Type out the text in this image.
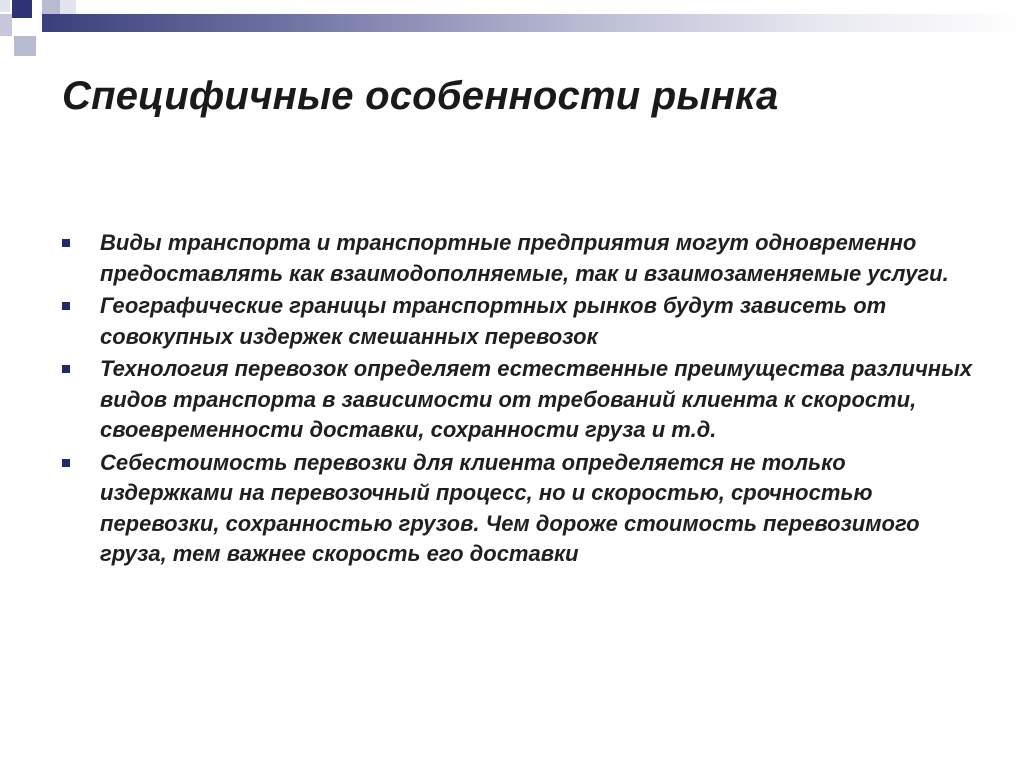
Специфичные особенности рынка
Виды транспорта и транспортные предприятия могут одновременно предоставлять как взаимодополняемые, так и взаимозаменяемые услуги.
Географические границы транспортных рынков будут зависеть от совокупных издержек смешанных перевозок
Технология перевозок определяет естественные преимущества различных видов транспорта в зависимости от требований клиента к скорости, своевременности доставки, сохранности груза и т.д.
Себестоимость перевозки для клиента определяется не только издержками на перевозочный процесс, но и скоростью, срочностью перевозки, сохранностью грузов. Чем дороже стоимость перевозимого груза, тем важнее скорость его доставки
